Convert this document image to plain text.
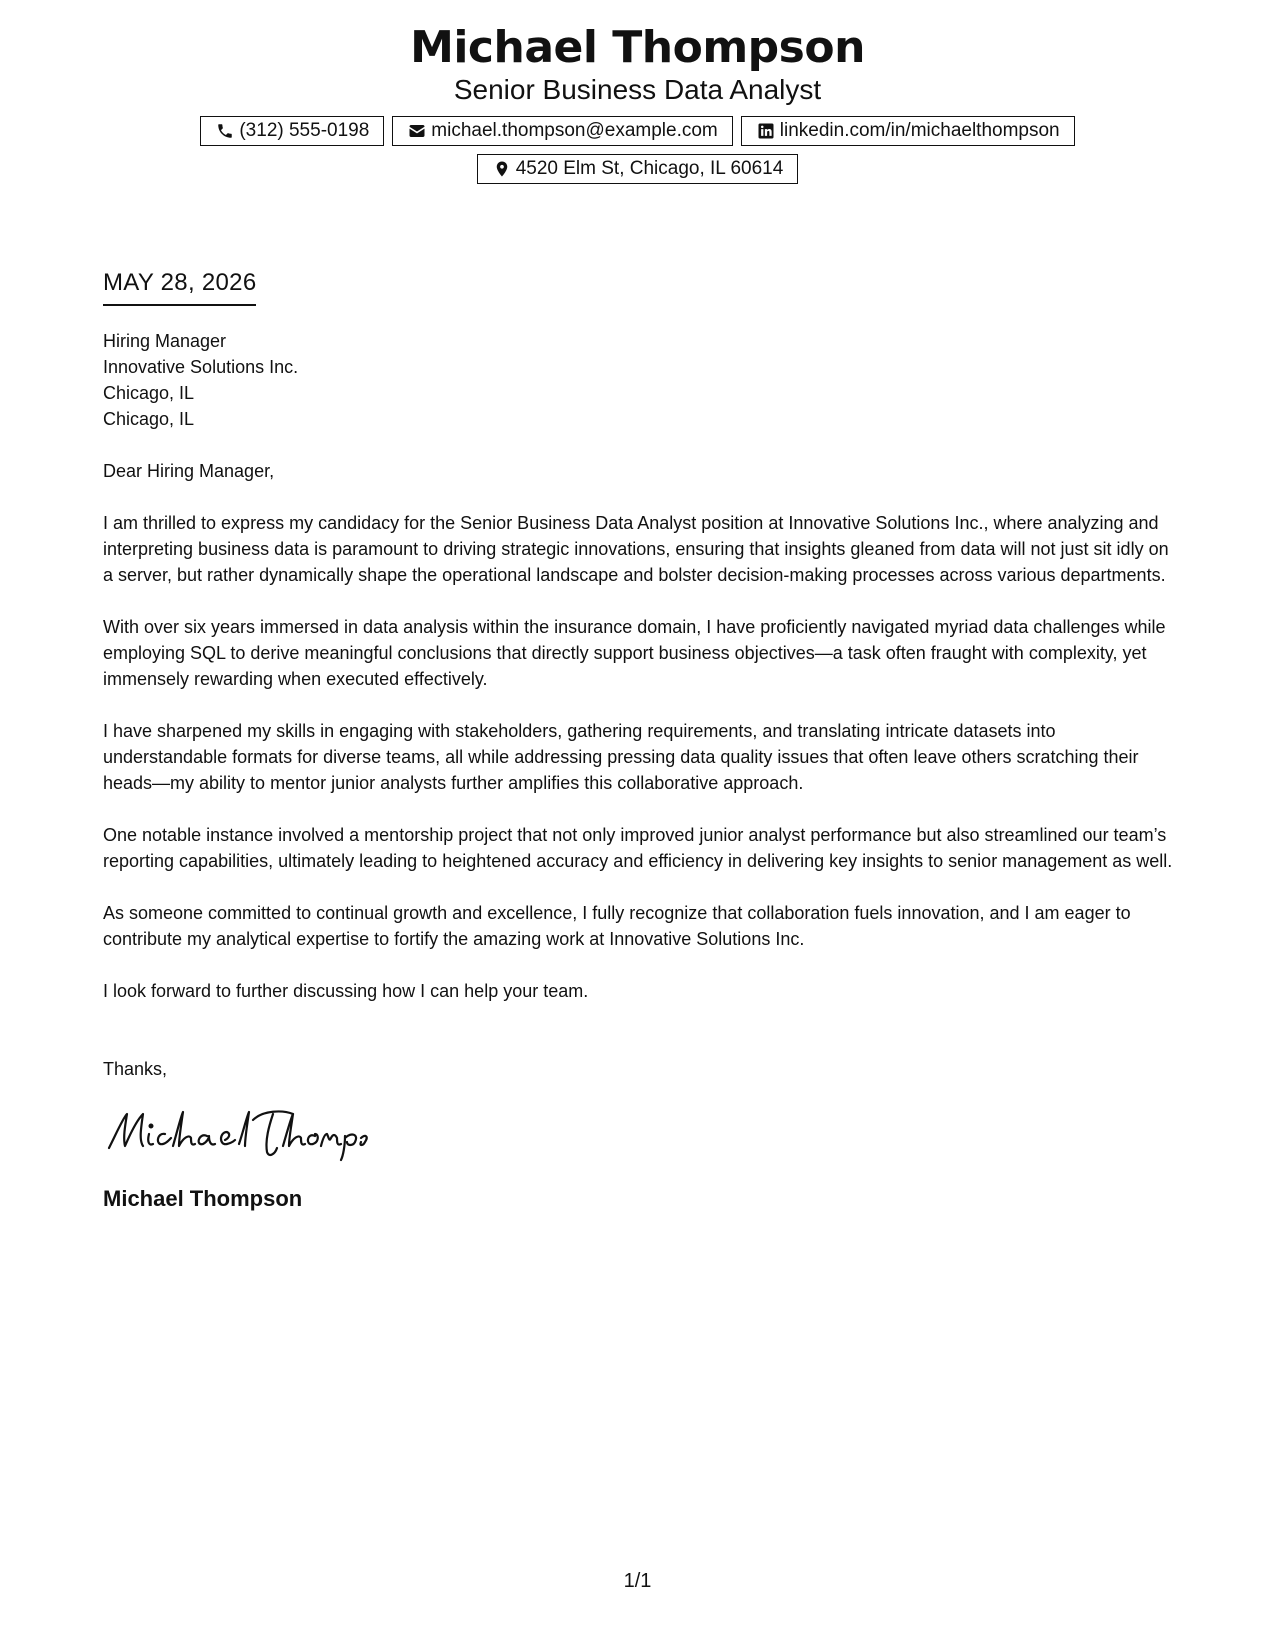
Michael Thompson
Senior Business Data Analyst
(312) 555-0198	michael.thompson@example.com	linkedin.com/in/michaelthompson
4520 Elm St, Chicago, IL 60614
MAY 28, 2026
Hiring Manager
Innovative Solutions Inc.
Chicago, IL
Chicago, IL
Dear Hiring Manager,

I am thrilled to express my candidacy for the Senior Business Data Analyst position at Innovative Solutions Inc., where analyzing and interpreting business data is paramount to driving strategic innovations, ensuring that insights gleaned from data will not just sit idly on a server, but rather dynamically shape the operational landscape and bolster decision-making processes across various departments.

With over six years immersed in data analysis within the insurance domain, I have proficiently navigated myriad data challenges while employing SQL to derive meaningful conclusions that directly support business objectives—a task often fraught with complexity, yet immensely rewarding when executed effectively.

I have sharpened my skills in engaging with stakeholders, gathering requirements, and translating intricate datasets into understandable formats for diverse teams, all while addressing pressing data quality issues that often leave others scratching their heads—my ability to mentor junior analysts further amplifies this collaborative approach.

One notable instance involved a mentorship project that not only improved junior analyst performance but also streamlined our team’s reporting capabilities, ultimately leading to heightened accuracy and efficiency in delivering key insights to senior management as well.

As someone committed to continual growth and excellence, I fully recognize that collaboration fuels innovation, and I am eager to contribute my analytical expertise to fortify the amazing work at Innovative Solutions Inc.

I look forward to further discussing how I can help your team.

Thanks,
Michael Thompson
1/1
